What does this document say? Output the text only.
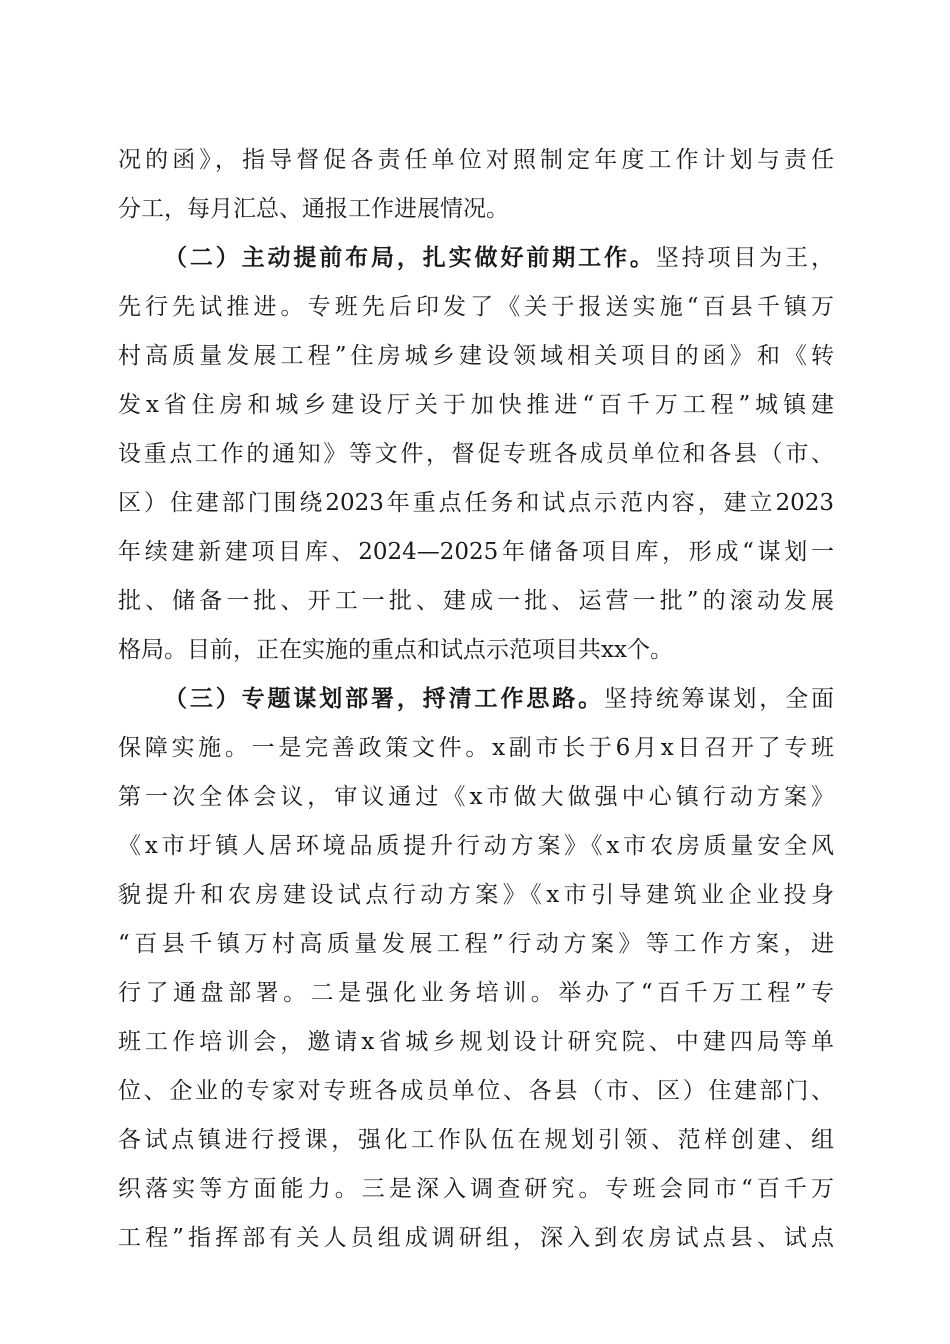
况的函》，指导督促各责任单位对照制定年度工作计划与责任
分工，每月汇总、通报工作进展情况。
（二）主动提前布局，扎实做好前期工作。坚持项目为王，
先行先试推进。专班先后印发了《关于报送实施“百县千镇万
村高质量发展工程”住房城乡建设领域相关项目的函》和《转
发x省住房和城乡建设厅关于加快推进“百千万工程”城镇建
设重点工作的通知》等文件，督促专班各成员单位和各县（市、
区）住建部门围绕2023年重点任务和试点示范内容，建立2023
年续建新建项目库、2024—2025年储备项目库，形成“谋划一
批、储备一批、开工一批、建成一批、运营一批”的滚动发展
格局。目前，正在实施的重点和试点示范项目共xx个。
（三）专题谋划部署，捋清工作思路。坚持统筹谋划，全面
保障实施。一是完善政策文件。x副市长于6月x日召开了专班
第一次全体会议，审议通过《x市做大做强中心镇行动方案》
《x市圩镇人居环境品质提升行动方案》《x市农房质量安全风
貌提升和农房建设试点行动方案》《x市引导建筑业企业投身
“百县千镇万村高质量发展工程”行动方案》等工作方案，进
行了通盘部署。二是强化业务培训。举办了“百千万工程”专
班工作培训会，邀请x省城乡规划设计研究院、中建四局等单
位、企业的专家对专班各成员单位、各县（市、区）住建部门、
各试点镇进行授课，强化工作队伍在规划引领、范样创建、组
织落实等方面能力。三是深入调查研究。专班会同市“百千万
工程”指挥部有关人员组成调研组，深入到农房试点县、试点
